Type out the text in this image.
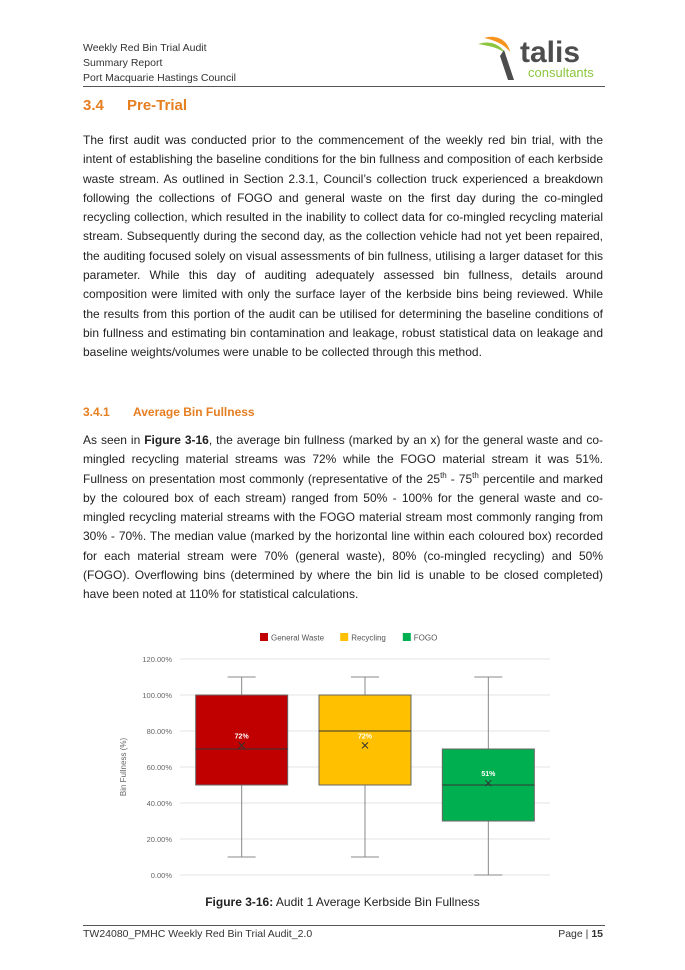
Weekly Red Bin Trial Audit
Summary Report
Port Macquarie Hastings Council
talis
consultants
3.4 Pre-Trial

The first audit was conducted prior to the commencement of the weekly red bin trial, with the intent of establishing the baseline conditions for the bin fullness and composition of each kerbside waste stream. As outlined in Section 2.3.1, Council’s collection truck experienced a breakdown following the collections of FOGO and general waste on the first day during the co-mingled recycling collection, which resulted in the inability to collect data for co-mingled recycling material stream. Subsequently during the second day, as the collection vehicle had not yet been repaired, the auditing focused solely on visual assessments of bin fullness, utilising a larger dataset for this parameter. While this day of auditing adequately assessed bin fullness, details around composition were limited with only the surface layer of the kerbside bins being reviewed. While the results from this portion of the audit can be utilised for determining the baseline conditions of bin fullness and estimating bin contamination and leakage, robust statistical data on leakage and baseline weights/volumes were unable to be collected through this method.

3.4.1 Average Bin Fullness

As seen in Figure 3-16, the average bin fullness (marked by an x) for the general waste and co-mingled recycling material streams was 72% while the FOGO material stream it was 51%. Fullness on presentation most commonly (representative of the 25th - 75th percentile and marked by the coloured box of each stream) ranged from 50% - 100% for the general waste and co-mingled recycling material streams with the FOGO material stream most commonly ranging from 30% - 70%. The median value (marked by the horizontal line within each coloured box) recorded for each material stream were 70% (general waste), 80% (co-mingled recycling) and 50% (FOGO). Overflowing bins (determined by where the bin lid is unable to be closed completed) have been noted at 110% for statistical calculations.

General Waste	Recycling	FOGO
0.00%
20.00%
40.00%
60.00%
80.00%
100.00%
120.00%
Bin Fullness (%)
72%	72%
51%
Figure 3-16: Audit 1 Average Kerbside Bin Fullness
TW24080_PMHC Weekly Red Bin Trial Audit_2.0	Page | 15
